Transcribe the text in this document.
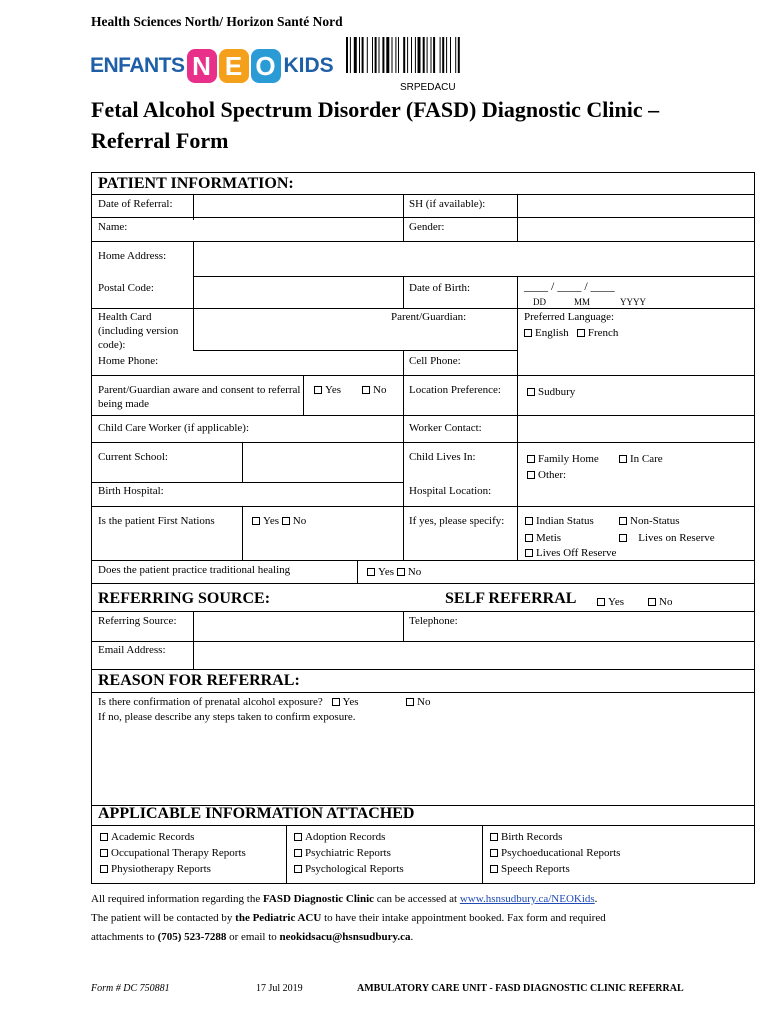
Health Sciences North/ Horizon Santé Nord
ENFANTS N E O KIDS
SRPEDACU
Fetal Alcohol Spectrum Disorder (FASD) Diagnostic Clinic – Referral Form
PATIENT INFORMATION:
Date of Referral:	SH (if available):
Name:	Gender:
Home Address:
Postal Code:	Date of Birth:	____ / ____ / ____
DD	MM	YYYY
Health Card (including version code):
Parent/Guardian:	Preferred Language:
English French
Home Phone:	Cell Phone:
Parent/Guardian aware and consent to referral being made
Yes	No Location Preference:	Sudbury
Child Care Worker (if applicable):	Worker Contact:
Current School:	Child Lives In:	Family Home	In Care
Other:
Birth Hospital:	Hospital Location:
Is the patient First Nations	Yes No	If yes, please specify:	Indian Status	Non-Status
Metis	Lives on Reserve
Lives Off Reserve
Does the patient practice traditional healing	Yes No
REFERRING SOURCE:	SELF REFERRAL	Yes	No
Referring Source:	Telephone:
Email Address:
REASON FOR REFERRAL:
Is there confirmation of prenatal alcohol exposure? Yes	No
If no, please describe any steps taken to confirm exposure.
APPLICABLE INFORMATION ATTACHED
Academic Records
Occupational Therapy Reports
Physiotherapy Reports
Adoption Records
Psychiatric Reports
Psychological Reports
Birth Records
Psychoeducational Reports
Speech Reports
All required information regarding the FASD Diagnostic Clinic can be accessed at www.hsnsudbury.ca/NEOKids.
The patient will be contacted by the Pediatric ACU to have their intake appointment booked. Fax form and required
attachments to (705) 523-7288 or email to neokidsacu@hsnsudbury.ca.
Form # DC 750881	17 Jul 2019	AMBULATORY CARE UNIT - FASD DIAGNOSTIC CLINIC REFERRAL
